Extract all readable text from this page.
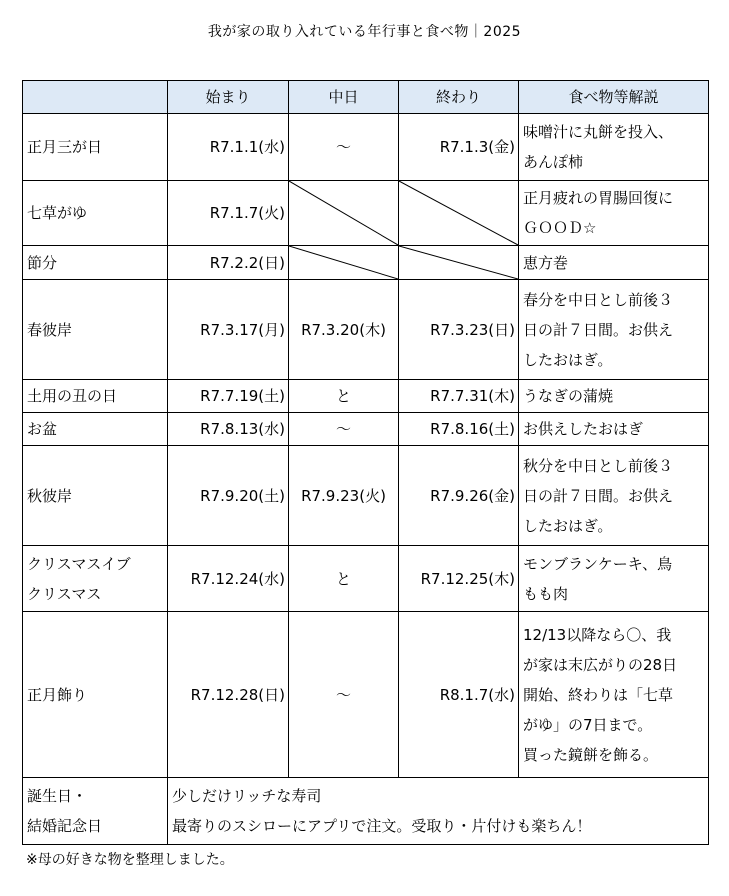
我が家の取り入れている年行事と食べ物｜2025
	始まり	中日	終わり	食べ物等解説

正月三が日	R7.1.1(水)	〜	R7.1.3(金)	味噌汁に丸餅を投入、
あんぽ柿

七草がゆ	R7.1.7(火)			正月疲れの胃腸回復に
ＧＯＯＤ☆

節分	R7.2.2(日)			恵方巻

春彼岸	R7.3.17(月)	R7.3.20(木)	R7.3.23(日)	春分を中日とし前後３
日の計７日間。お供え
したおはぎ。

土用の丑の日	R7.7.19(土)	と	R7.7.31(木)	うなぎの蒲焼

お盆	R7.8.13(水)	〜	R7.8.16(土)	お供えしたおはぎ

秋彼岸	R7.9.20(土)	R7.9.23(火)	R7.9.26(金)	秋分を中日とし前後３
日の計７日間。お供え
したおはぎ。

クリスマスイブ
クリスマス	R7.12.24(水)	と	R7.12.25(木)	モンブランケーキ、鳥
もも肉

正月飾り	R7.12.28(日)	〜	R8.1.7(水)	12/13以降なら〇、我
が家は末広がりの28日
開始、終わりは「七草
がゆ」の7日まで。
買った鏡餅を飾る。

誕生日・
結婚記念日	少しだけリッチな寿司
最寄りのスシローにアプリで注文。受取り・片付けも楽ちん！			
※母の好きな物を整理しました。
